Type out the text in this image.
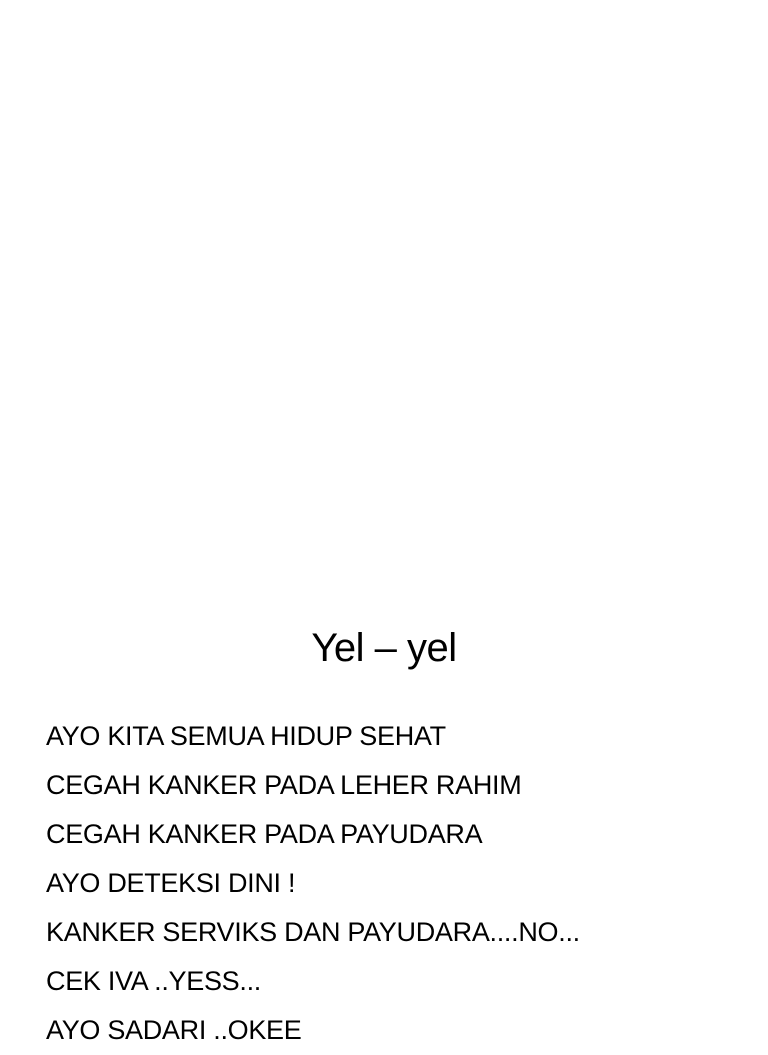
Yel – yel
AYO KITA SEMUA HIDUP SEHAT
CEGAH KANKER PADA LEHER RAHIM
CEGAH KANKER PADA PAYUDARA
AYO DETEKSI DINI !
KANKER SERVIKS DAN PAYUDARA....NO...
CEK IVA ..YESS...
AYO SADARI ..OKEE
